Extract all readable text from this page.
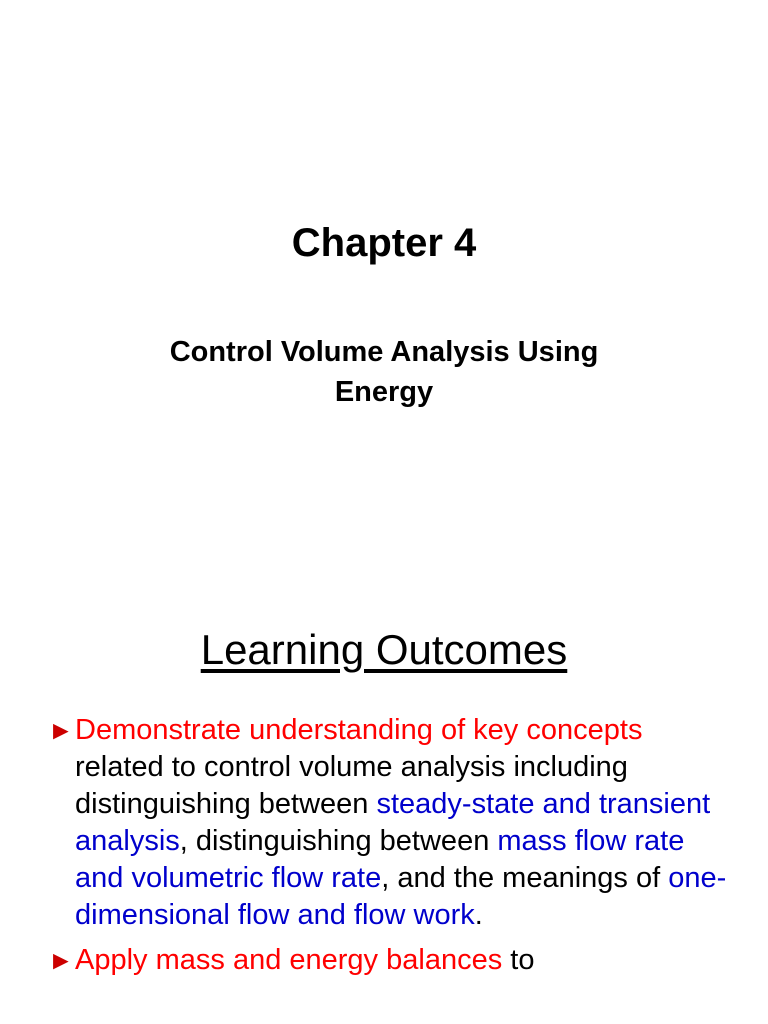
Chapter 4
Control Volume Analysis Using
Energy
Learning Outcomes
► Demonstrate understanding of key concepts related to control volume analysis including distinguishing between steady-state and transient analysis, distinguishing between mass flow rate and volumetric flow rate, and the meanings of one-dimensional flow and flow work.
► Apply mass and energy balances to
